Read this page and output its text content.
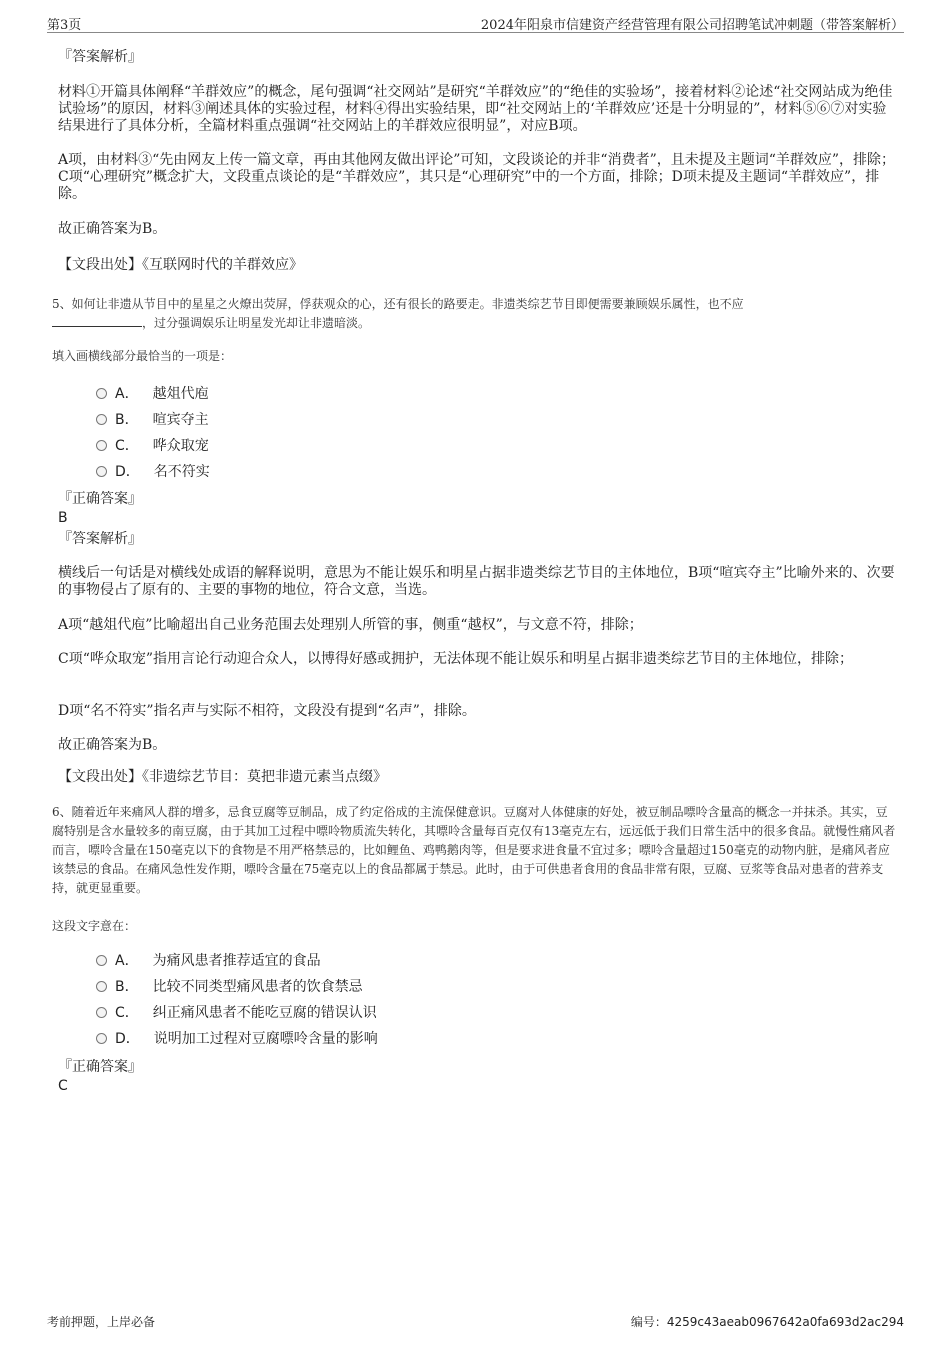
第3页	2024年阳泉市信建资产经营管理有限公司招聘笔试冲刺题（带答案解析）
『答案解析』
材料①开篇具体阐释“羊群效应”的概念，尾句强调“社交网站”是研究“羊群效应”的“绝佳的实验场”，接着材料②论述“社交网站成为绝佳试验场”的原因，材料③阐述具体的实验过程，材料④得出实验结果，即“社交网站上的‘羊群效应’还是十分明显的”，材料⑤⑥⑦对实验结果进行了具体分析，全篇材料重点强调“社交网站上的羊群效应很明显”，对应B项。
A项，由材料③“先由网友上传一篇文章，再由其他网友做出评论”可知，文段谈论的并非“消费者”，且未提及主题词“羊群效应”，排除；C项“心理研究”概念扩大，文段重点谈论的是“羊群效应”，其只是“心理研究”中的一个方面，排除；D项未提及主题词“羊群效应”，排除。
故正确答案为B。
【文段出处】《互联网时代的羊群效应》
5、如何让非遗从节目中的星星之火燎出荧屏，俘获观众的心，还有很长的路要走。非遗类综艺节目即便需要兼顾娱乐属性，也不应
，过分强调娱乐让明星发光却让非遗暗淡。
填入画横线部分最恰当的一项是：
A． 越俎代庖
B． 喧宾夺主
C． 哗众取宠
D． 名不符实
『正确答案』
B
『答案解析』
横线后一句话是对横线处成语的解释说明，意思为不能让娱乐和明星占据非遗类综艺节目的主体地位，B项“喧宾夺主”比喻外来的、次要的事物侵占了原有的、主要的事物的地位，符合文意，当选。
A项“越俎代庖”比喻超出自己业务范围去处理别人所管的事，侧重“越权”，与文意不符，排除；
C项“哗众取宠”指用言论行动迎合众人，以博得好感或拥护，无法体现不能让娱乐和明星占据非遗类综艺节目的主体地位，排除；
D项“名不符实”指名声与实际不相符，文段没有提到“名声”，排除。
故正确答案为B。
【文段出处】《非遗综艺节目：莫把非遗元素当点缀》
6、随着近年来痛风人群的增多，忌食豆腐等豆制品，成了约定俗成的主流保健意识。豆腐对人体健康的好处，被豆制品嘌呤含量高的概念一并抹杀。其实，豆腐特别是含水量较多的南豆腐，由于其加工过程中嘌呤物质流失转化，其嘌呤含量每百克仅有13毫克左右，远远低于我们日常生活中的很多食品。就慢性痛风者而言，嘌呤含量在150毫克以下的食物是不用严格禁忌的，比如鲤鱼、鸡鸭鹅肉等，但是要求进食量不宜过多；嘌呤含量超过150毫克的动物内脏，是痛风者应该禁忌的食品。在痛风急性发作期，嘌呤含量在75毫克以上的食品都属于禁忌。此时，由于可供患者食用的食品非常有限，豆腐、豆浆等食品对患者的营养支持，就更显重要。
这段文字意在：
A． 为痛风患者推荐适宜的食品
B． 比较不同类型痛风患者的饮食禁忌
C． 纠正痛风患者不能吃豆腐的错误认识
D． 说明加工过程对豆腐嘌呤含量的影响
『正确答案』
C
考前押题，上岸必备	编号：4259c43aeab0967642a0fa693d2ac294
